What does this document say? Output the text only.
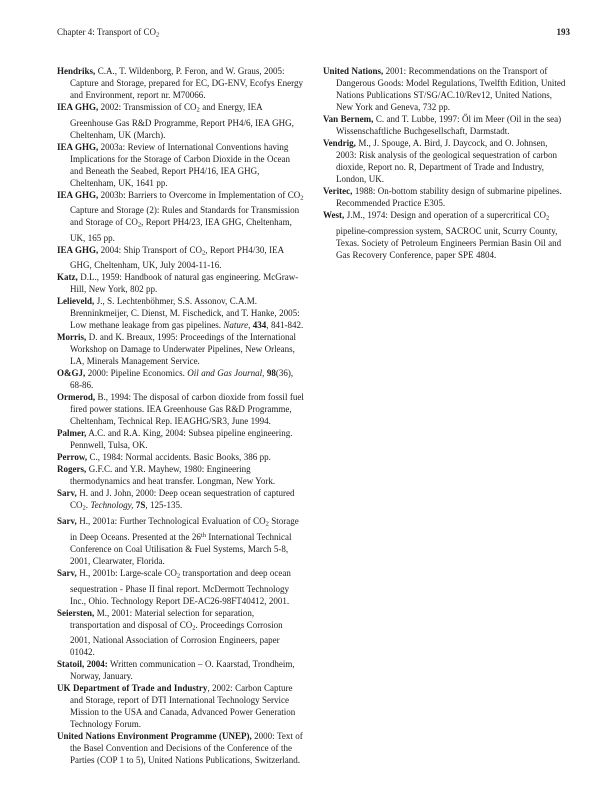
Chapter 4: Transport of CO2	193

Hendriks, C.A., T. Wildenborg, P. Feron, and W. Graus, 2005: Capture and Storage, prepared for EC, DG-ENV, Ecofys Energy and Environment, report nr. M70066.

IEA GHG, 2002: Transmission of CO2 and Energy, IEA Greenhouse Gas R&D Programme, Report PH4/6, IEA GHG, Cheltenham, UK (March).

IEA GHG, 2003a: Review of International Conventions having Implications for the Storage of Carbon Dioxide in the Ocean and Beneath the Seabed, Report PH4/16, IEA GHG, Cheltenham, UK, 1641 pp.

IEA GHG, 2003b: Barriers to Overcome in Implementation of CO2 Capture and Storage (2): Rules and Standards for Transmission and Storage of CO2, Report PH4/23, IEA GHG, Cheltenham, UK, 165 pp.

IEA GHG, 2004: Ship Transport of CO2, Report PH4/30, IEA GHG, Cheltenham, UK, July 2004-11-16.

Katz, D.L., 1959: Handbook of natural gas engineering. McGraw-Hill, New York, 802 pp.

Lelieveld, J., S. Lechtenböhmer, S.S. Assonov, C.A.M. Brenninkmeijer, C. Dienst, M. Fischedick, and T. Hanke, 2005: Low methane leakage from gas pipelines. Nature, 434, 841-842.

Morris, D. and K. Breaux, 1995: Proceedings of the International Workshop on Damage to Underwater Pipelines, New Orleans, LA, Minerals Management Service.

O&GJ, 2000: Pipeline Economics. Oil and Gas Journal, 98(36), 68-86.

Ormerod, B., 1994: The disposal of carbon dioxide from fossil fuel fired power stations. IEA Greenhouse Gas R&D Programme, Cheltenham, Technical Rep. IEAGHG/SR3, June 1994.

Palmer, A.C. and R.A. King, 2004: Subsea pipeline engineering. Pennwell, Tulsa, OK.

Perrow, C., 1984: Normal accidents. Basic Books, 386 pp.

Rogers, G.F.C. and Y.R. Mayhew, 1980: Engineering thermodynamics and heat transfer. Longman, New York.

Sarv, H. and J. John, 2000: Deep ocean sequestration of captured CO2. Technology, 7S, 125-135.

Sarv, H., 2001a: Further Technological Evaluation of CO2 Storage in Deep Oceans. Presented at the 26th International Technical Conference on Coal Utilisation & Fuel Systems, March 5-8, 2001, Clearwater, Florida.

Sarv, H., 2001b: Large-scale CO2 transportation and deep ocean sequestration - Phase II final report. McDermott Technology Inc., Ohio. Technology Report DE-AC26-98FT40412, 2001.

Seiersten, M., 2001: Material selection for separation, transportation and disposal of CO2. Proceedings Corrosion 2001, National Association of Corrosion Engineers, paper 01042.

Statoil, 2004: Written communication – O. Kaarstad, Trondheim, Norway, January.

UK Department of Trade and Industry, 2002: Carbon Capture and Storage, report of DTI International Technology Service Mission to the USA and Canada, Advanced Power Generation Technology Forum.

United Nations Environment Programme (UNEP), 2000: Text of the Basel Convention and Decisions of the Conference of the Parties (COP 1 to 5), United Nations Publications, Switzerland.

United Nations, 2001: Recommendations on the Transport of Dangerous Goods: Model Regulations, Twelfth Edition, United Nations Publications ST/SG/AC.10/Rev12, United Nations, New York and Geneva, 732 pp.

Van Bernem, C. and T. Lubbe, 1997: Ől im Meer (Oil in the sea) Wissenschaftliche Buchgesellschaft, Darmstadt.

Vendrig, M., J. Spouge, A. Bird, J. Daycock, and O. Johnsen, 2003: Risk analysis of the geological sequestration of carbon dioxide, Report no. R, Department of Trade and Industry, London, UK.

Veritec, 1988: On-bottom stability design of submarine pipelines. Recommended Practice E305.

West, J.M., 1974: Design and operation of a supercritical CO2 pipeline-compression system, SACROC unit, Scurry County, Texas. Society of Petroleum Engineers Permian Basin Oil and Gas Recovery Conference, paper SPE 4804.
